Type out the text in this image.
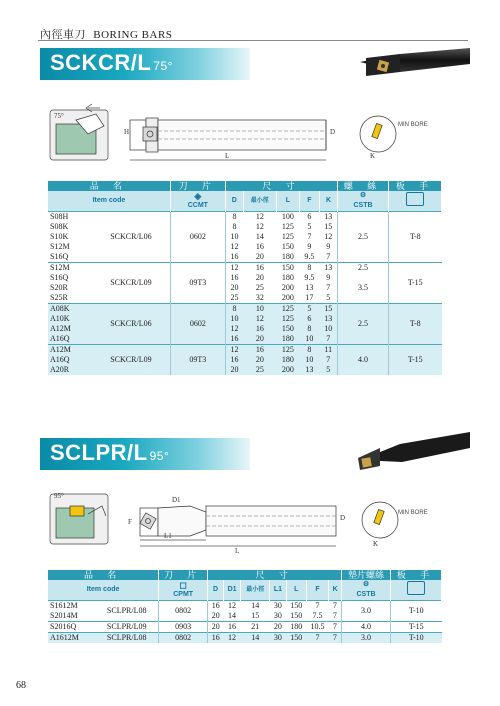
內徑車刀 BORING BARS
SCKCR/L 75°
75°
L
H	D
K
MIN BORE
品 名		刀 片	尺 寸					螺 絲	板 手
Item code		◈
CCMT	D	最小徑	L	F	K	⚙
CSTB	
S08H	SCKCR/L06	0602	8	12	100	6	13	2.5	T-8
S08K			8	12	125	5	15		
S10K			10	14	125	7	12		
S12M			12	16	150	9	9		
S16Q			16	20	180	9.5	7		
S12M	SCKCR/L09	09T3	12	16	150	8	13	2.5	T-15
S16Q			16	20	180	9.5	9	3.5	
S20R			20	25	200	13	7		
S25R			25	32	200	17	5		
A08K	SCKCR/L06	0602	8	10	125	5	15	2.5	T-8
A10K			10	12	125	6	13		
A12M			12	16	150	8	10		
A16Q			16	20	180	10	7		
A12M	SCKCR/L09	09T3	12	16	125	8	11	4.0	T-15
A16Q			16	20	180	10	7		
A20R			20	25	200	13	5		
SCLPR/L 95°
95°
L1
L
D1
F	D
K
MIN BORE
品 名		刀 片	尺 寸							墊片螺絲	板 手
Item code		◻
CPMT	D	D1	最小徑	L1	L	F	K	⚙
CSTB	
S1612M	SCLPR/L08	0802	16	12	14	30	150	7	7	3.0	T-10
S2014M			20	14	15	30	150	7.5	7		
S2016Q	SCLPR/L09	0903	20	16	21	20	180	10.5	7	4.0	T-15
A1612M	SCLPR/L08	0802	16	12	14	30	150	7	7	3.0	T-10
68
